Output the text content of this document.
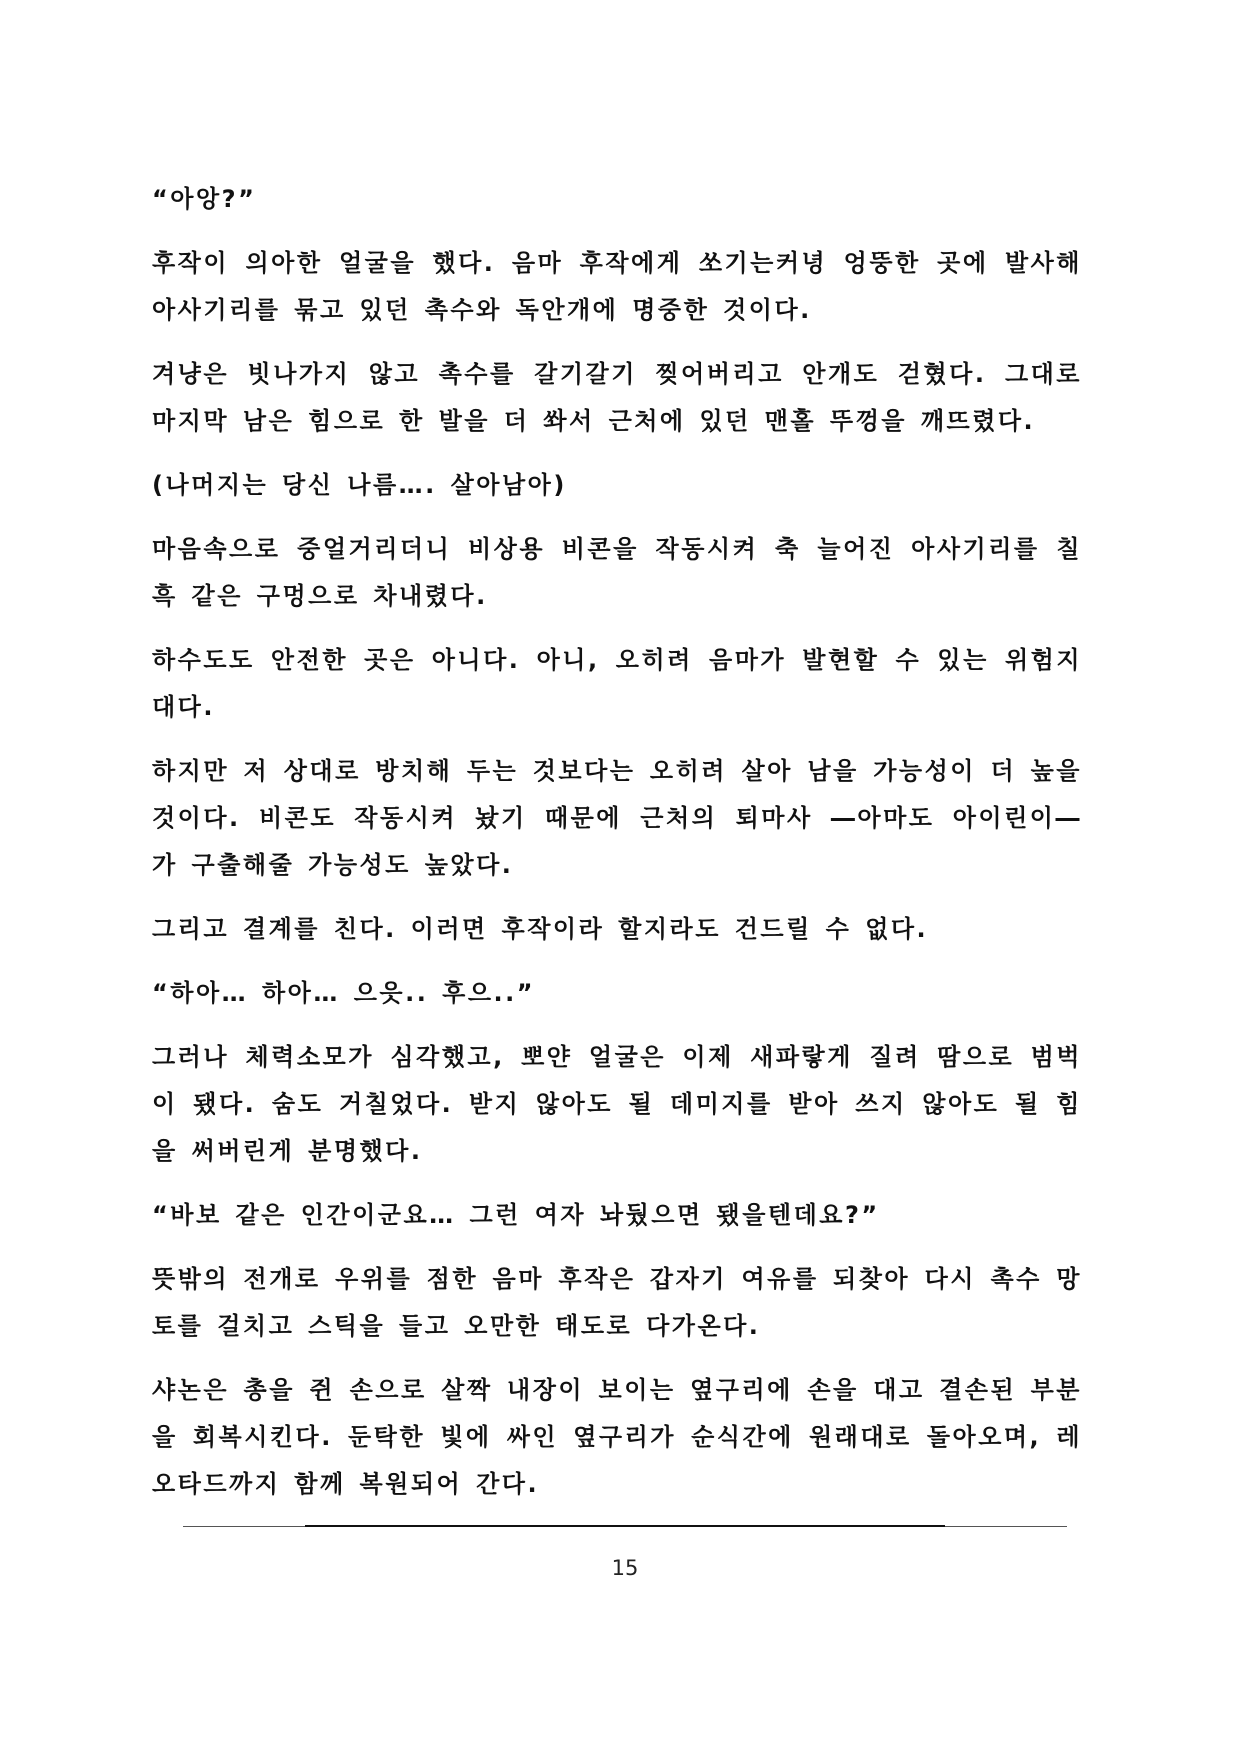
“아앙?”

후작이 의아한 얼굴을 했다. 음마 후작에게 쏘기는커녕 엉뚱한 곳에 발사해 아사기리를 묶고 있던 촉수와 독안개에 명중한 것이다.

겨냥은 빗나가지 않고 촉수를 갈기갈기 찢어버리고 안개도 걷혔다. 그대로 마지막 남은 힘으로 한 발을 더 쏴서 근처에 있던 맨홀 뚜껑을 깨뜨렸다.

(나머지는 당신 나름…. 살아남아)

마음속으로 중얼거리더니 비상용 비콘을 작동시켜 축 늘어진 아사기리를 칠흑 같은 구멍으로 차내렸다.

하수도도 안전한 곳은 아니다. 아니, 오히려 음마가 발현할 수 있는 위험지대다.

하지만 저 상대로 방치해 두는 것보다는 오히려 살아 남을 가능성이 더 높을 것이다. 비콘도 작동시켜 놨기 때문에 근처의 퇴마사 ―아마도 아이린이― 가 구출해줄 가능성도 높았다.

그리고 결계를 친다. 이러면 후작이라 할지라도 건드릴 수 없다.

“하아… 하아… 으읏.. 후으..”

그러나 체력소모가 심각했고, 뽀얀 얼굴은 이제 새파랗게 질려 땀으로 범벅이 됐다. 숨도 거칠었다. 받지 않아도 될 데미지를 받아 쓰지 않아도 될 힘을 써버린게 분명했다.

“바보 같은 인간이군요… 그런 여자 놔뒀으면 됐을텐데요?”

뜻밖의 전개로 우위를 점한 음마 후작은 갑자기 여유를 되찾아 다시 촉수 망토를 걸치고 스틱을 들고 오만한 태도로 다가온다.

샤논은 총을 쥔 손으로 살짝 내장이 보이는 옆구리에 손을 대고 결손된 부분을 회복시킨다. 둔탁한 빛에 싸인 옆구리가 순식간에 원래대로 돌아오며, 레오타드까지 함께 복원되어 간다.

15
